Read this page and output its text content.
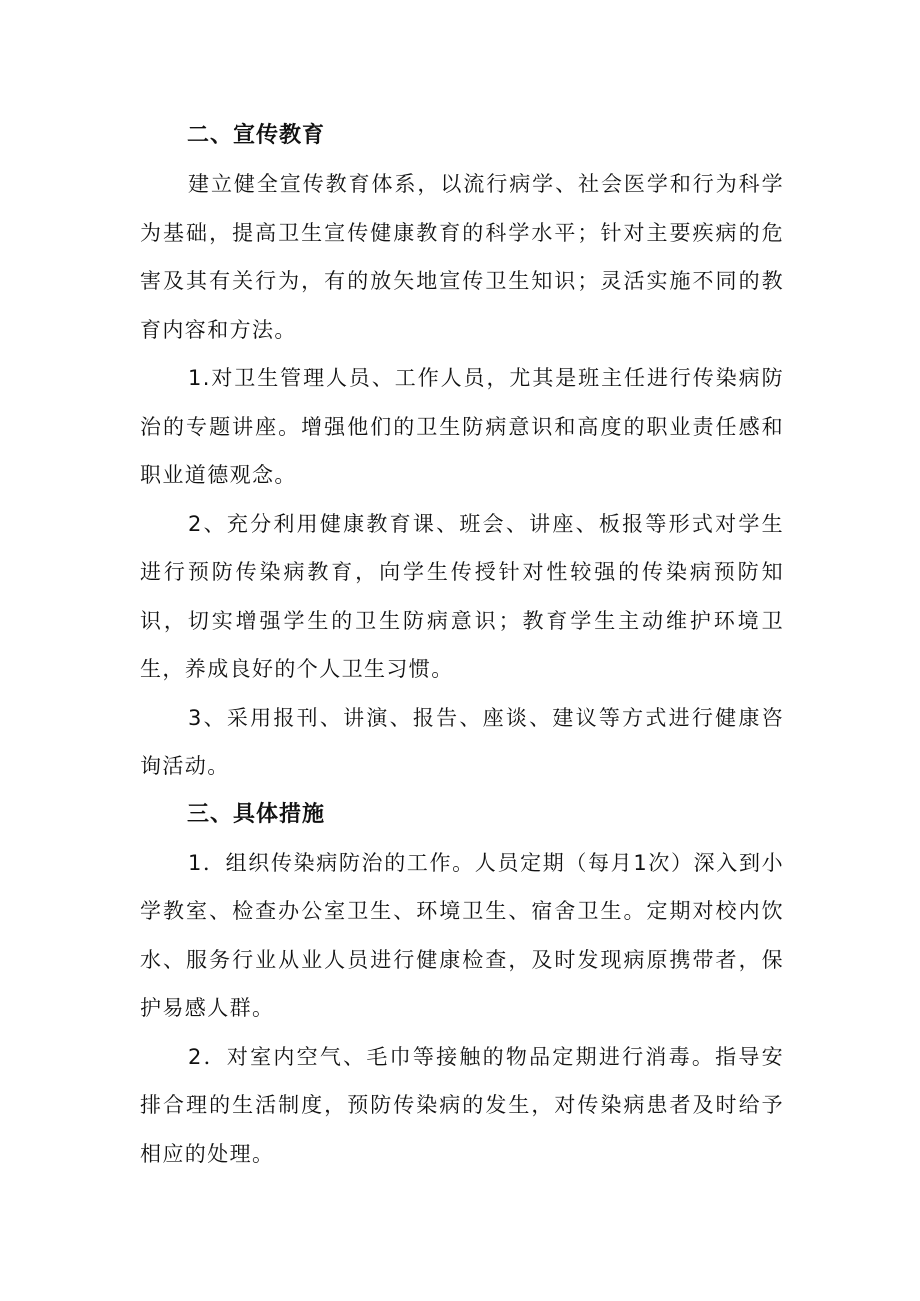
二、宣传教育

建立健全宣传教育体系，以流行病学、社会医学和行为科学为基础，提高卫生宣传健康教育的科学水平；针对主要疾病的危害及其有关行为，有的放矢地宣传卫生知识；灵活实施不同的教育内容和方法。

1.对卫生管理人员、工作人员，尤其是班主任进行传染病防治的专题讲座。增强他们的卫生防病意识和高度的职业责任感和职业道德观念。

2、充分利用健康教育课、班会、讲座、板报等形式对学生进行预防传染病教育，向学生传授针对性较强的传染病预防知识，切实增强学生的卫生防病意识；教育学生主动维护环境卫生，养成良好的个人卫生习惯。

3、采用报刊、讲演、报告、座谈、建议等方式进行健康咨询活动。

三、具体措施

1．组织传染病防治的工作。人员定期（每月1次）深入到小学教室、检查办公室卫生、环境卫生、宿舍卫生。定期对校内饮水、服务行业从业人员进行健康检查，及时发现病原携带者，保护易感人群。

2．对室内空气、毛巾等接触的物品定期进行消毒。指导安排合理的生活制度，预防传染病的发生，对传染病患者及时给予相应的处理。
